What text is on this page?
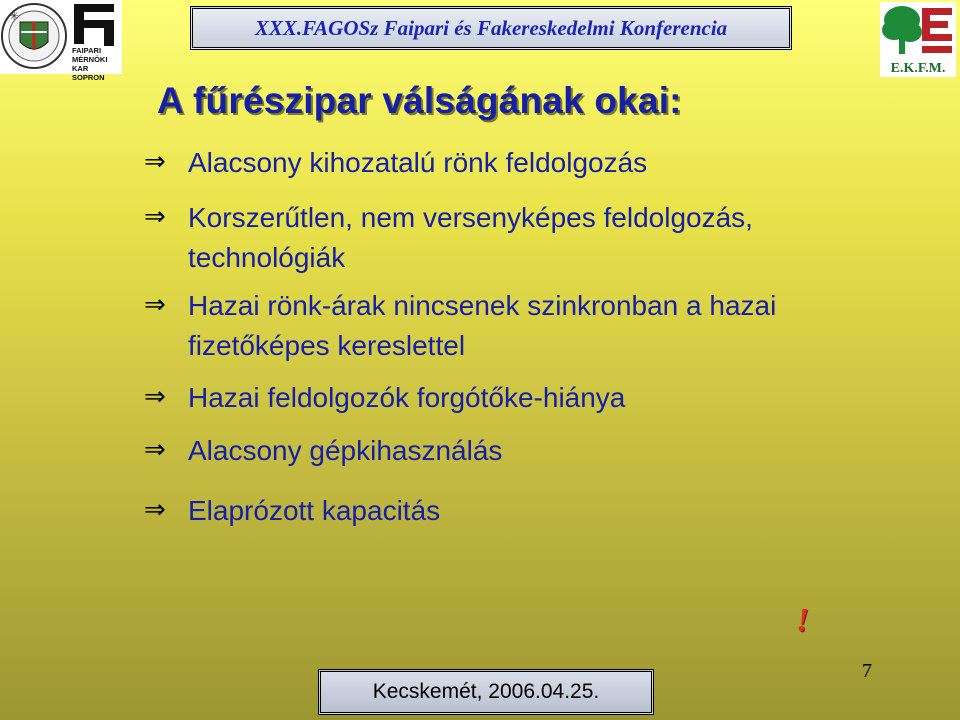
✳
FAIPARI
MÉRNÖKI
KAR SOPRON
XXX.FAGOSz Faipari és Fakereskedelmi Konferencia
E.K.F.M.
A fűrészipar válságának okai:
⇒ Alacsony kihozatalú rönk feldolgozás
⇒ Korszerűtlen, nem versenyképes feldolgozás, technológiák
⇒ Hazai rönk-árak nincsenek szinkronban a hazai fizetőképes kereslettel
⇒ Hazai feldolgozók forgótőke-hiánya
⇒ Alacsony gépkihasználás
⇒ Elaprózott kapacitás
!
7
Kecskemét, 2006.04.25.
